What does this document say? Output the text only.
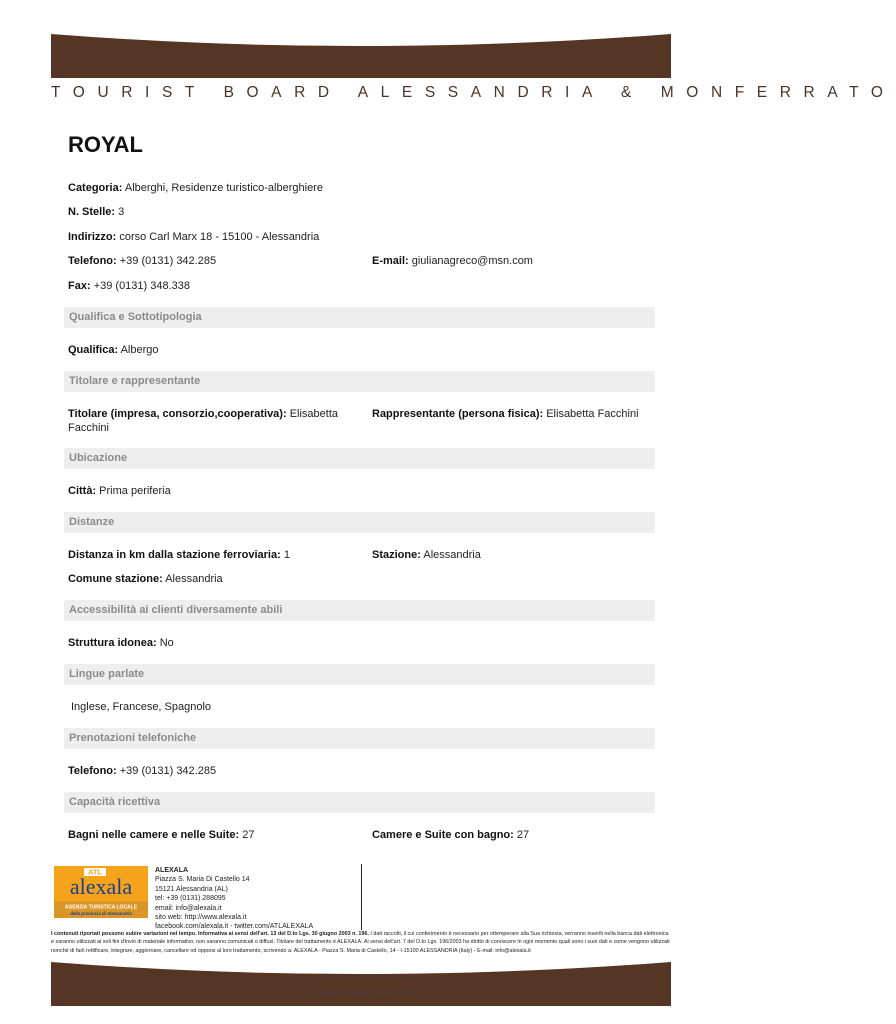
TOURIST BOARD ALESSANDRIA & MONFERRATO
ROYAL
Categoria: Alberghi, Residenze turistico-alberghiere
N. Stelle: 3
Indirizzo: corso Carl Marx 18 - 15100 - Alessandria
Telefono: +39 (0131) 342.285	E-mail: giulianagreco@msn.com
Fax: +39 (0131) 348.338
Qualifica e Sottotipologia
Qualifica: Albergo
Titolare e rappresentante
Titolare (impresa, consorzio,cooperativa): Elisabetta
Facchini
Rappresentante (persona fisica): Elisabetta Facchini
Ubicazione
Città: Prima periferia
Distanze
Distanza in km dalla stazione ferroviaria: 1	Stazione: Alessandria
Comune stazione: Alessandria
Accessibilità ai clienti diversamente abili
Struttura idonea: No
Lingue parlate
Inglese, Francese, Spagnolo
Prenotazioni telefoniche
Telefono: +39 (0131) 342.285
Capacità ricettiva
Bagni nelle camere e nelle Suite: 27	Camere e Suite con bagno: 27
ATL
alexala
AGENZIA TURISTICA LOCALE
della provincia di Alessandria
ALEXALA
Piazza S. Maria Di Castello 14
15121 Alessandria (AL)
tel: +39 (0131) 288095
email: info@alexala.it
sito web: http://www.alexala.it
facebook.com/alexala.it - twitter.com/ATLALEXALA
I contenuti riportati possono subire variazioni nel tempo. Informativa ai sensi dell'art. 13 del D.to Lgs. 30 giugno 2003 n. 196. I dati raccolti, il cui conferimento è necessario per ottemperare alla Sua richiesta, verranno inseriti nella banca dati elettronica e saranno utilizzati ai soli fini d'invio di materiale informativo, non saranno comunicati o diffusi. Titolare del trattamento è ALEXALA. Ai sensi dell'art. 7 del D.to Lgs. 196/2003 ha diritto di conoscere in ogni momento quali sono i suoi dati e come vengono utilizzati nonché di farli rettificare, integrare, aggiornare, cancellare od opporsi al loro trattamento, scrivendo a: ALEXALA - Piazza S. Maria di Castello, 14 - I-15100 ALESSANDRIA (Italy) - E-mail: info@alexala.it
Itinerario di prova – Pagina 1 / 3
